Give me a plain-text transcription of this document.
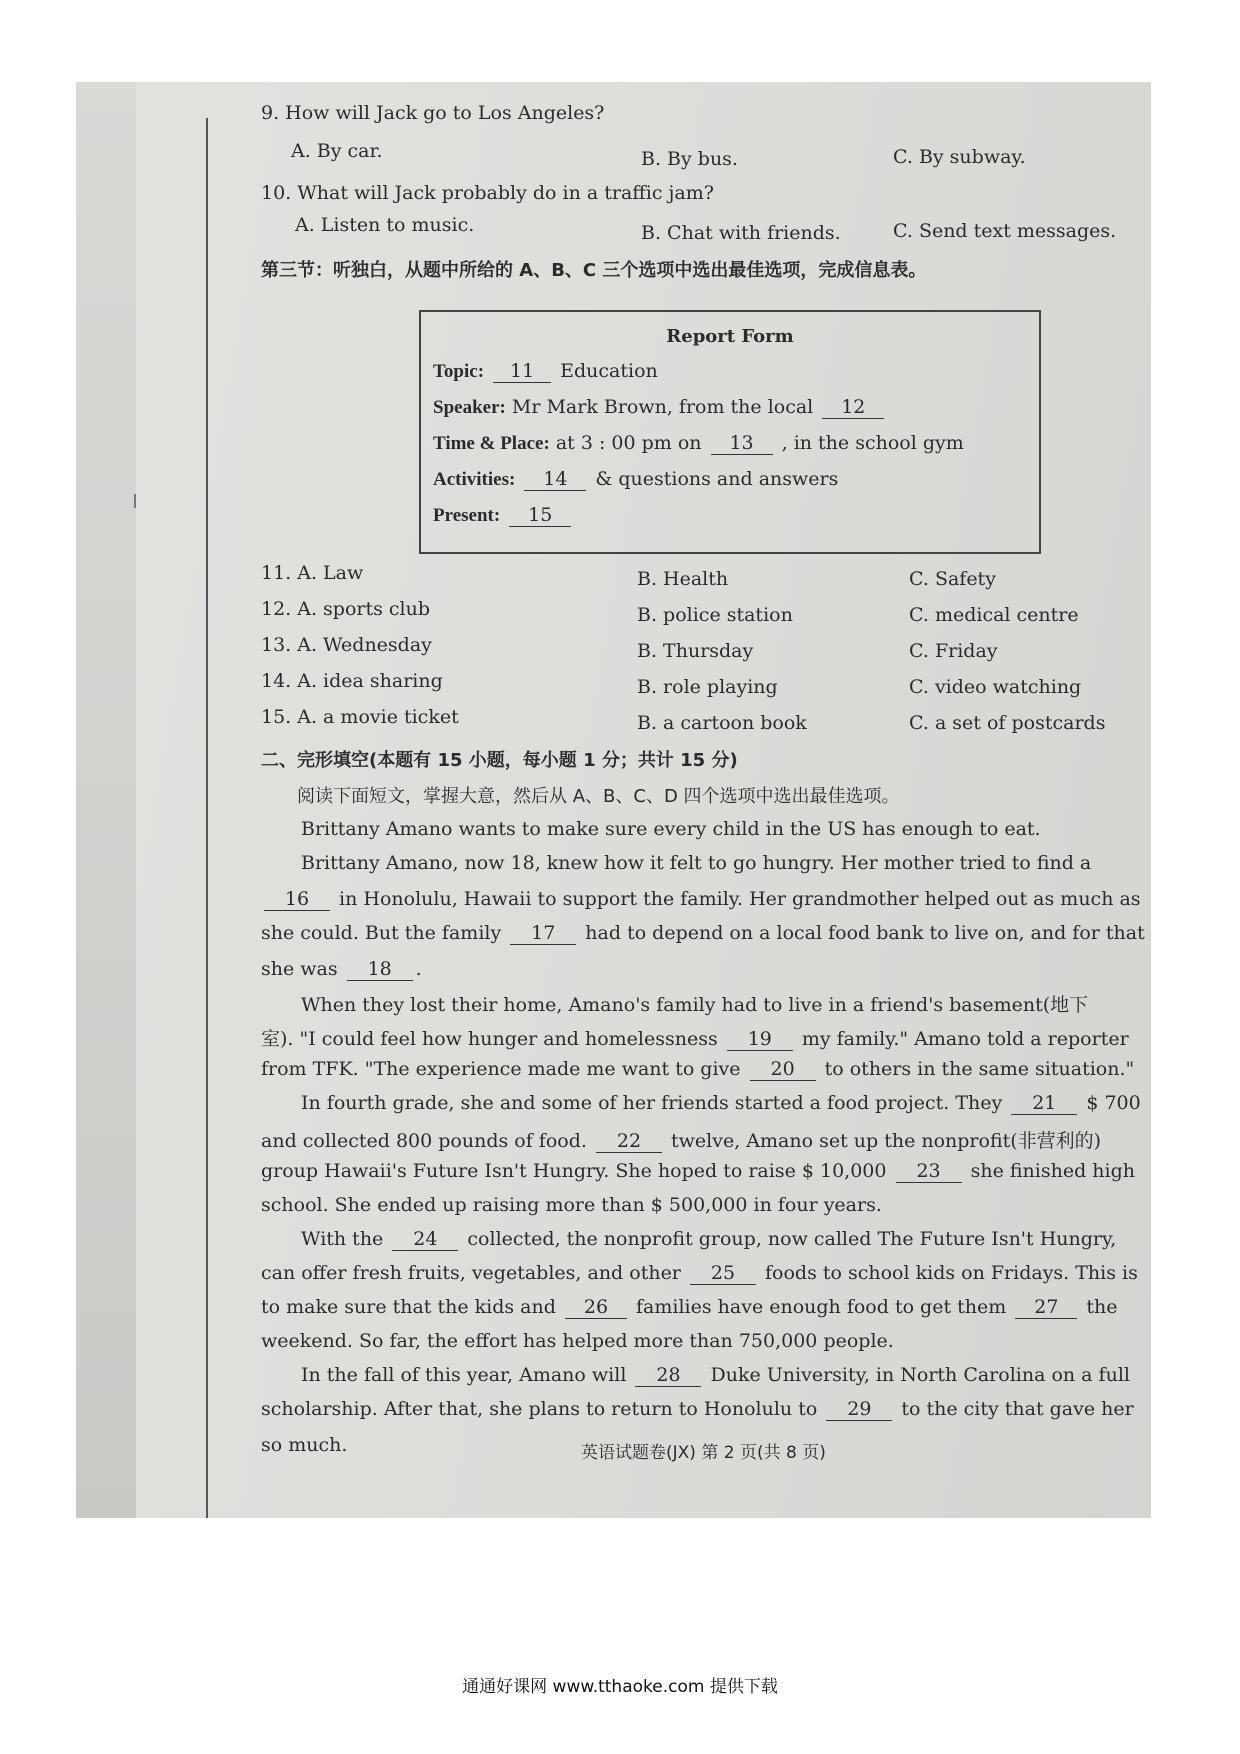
9. How will Jack go to Los Angeles?
A. By car.	B. By bus.	C. By subway.
10. What will Jack probably do in a traffic jam?
A. Listen to music.	B. Chat with friends.	C. Send text messages.
第三节：听独白，从题中所给的 A、B、C 三个选项中选出最佳选项，完成信息表。
Report Form
Topic: 11 Education
Speaker: Mr Mark Brown, from the local 12
Time & Place: at 3 : 00 pm on 13 , in the school gym
Activities: 14 & questions and answers
Present: 15
11. A. Law	B. Health	C. Safety
12. A. sports club	B. police station	C. medical centre
13. A. Wednesday	B. Thursday	C. Friday
14. A. idea sharing	B. role playing	C. video watching
15. A. a movie ticket	B. a cartoon book	C. a set of postcards
二、完形填空(本题有 15 小题，每小题 1 分；共计 15 分)
阅读下面短文，掌握大意，然后从 A、B、C、D 四个选项中选出最佳选项。
Brittany Amano wants to make sure every child in the US has enough to eat.
Brittany Amano, now 18, knew how it felt to go hungry. Her mother tried to find a
16 in Honolulu, Hawaii to support the family. Her grandmother helped out as much as
she could. But the family 17 had to depend on a local food bank to live on, and for that
she was 18 .
When they lost their home, Amano's family had to live in a friend's basement(地下
室). "I could feel how hunger and homelessness 19 my family." Amano told a reporter
from TFK. "The experience made me want to give 20 to others in the same situation."
In fourth grade, she and some of her friends started a food project. They 21 $ 700
and collected 800 pounds of food. 22 twelve, Amano set up the nonprofit(非营利的)
group Hawaii's Future Isn't Hungry. She hoped to raise $ 10,000 23 she finished high
school. She ended up raising more than $ 500,000 in four years.
With the 24 collected, the nonprofit group, now called The Future Isn't Hungry,
can offer fresh fruits, vegetables, and other 25 foods to school kids on Fridays. This is
to make sure that the kids and 26 families have enough food to get them 27 the
weekend. So far, the effort has helped more than 750,000 people.
In the fall of this year, Amano will 28 Duke University, in North Carolina on a full
scholarship. After that, she plans to return to Honolulu to 29 to the city that gave her
so much.	英语试题卷(JX) 第 2 页(共 8 页)
通通好课网 www.tthaoke.com 提供下载
